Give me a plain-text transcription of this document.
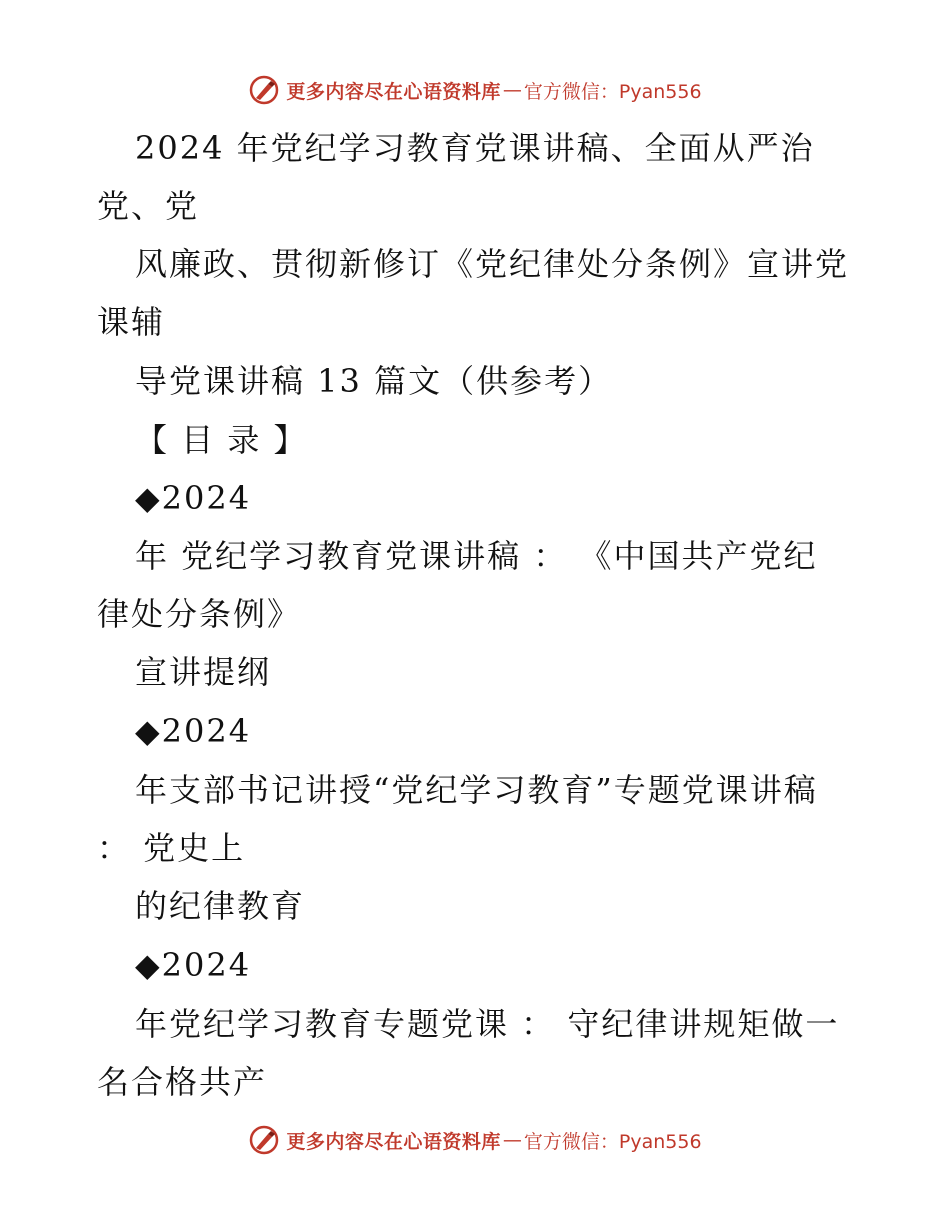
更多内容尽在心语资料库 — 官方微信：Pyan556
2024 年党纪学习教育党课讲稿、全面从严治
党、党
风廉政、贯彻新修订《党纪律处分条例》宣讲党
课辅
导党课讲稿 13 篇文（供参考）
【 目 录 】
◆2024
年 党纪学习教育党课讲稿 ： 《中国共产党纪
律处分条例》
宣讲提纲
◆2024
年支部书记讲授“党纪学习教育”专题党课讲稿
： 党史上
的纪律教育
◆2024
年党纪学习教育专题党课 ： 守纪律讲规矩做一
名合格共产
更多内容尽在心语资料库 — 官方微信：Pyan556
